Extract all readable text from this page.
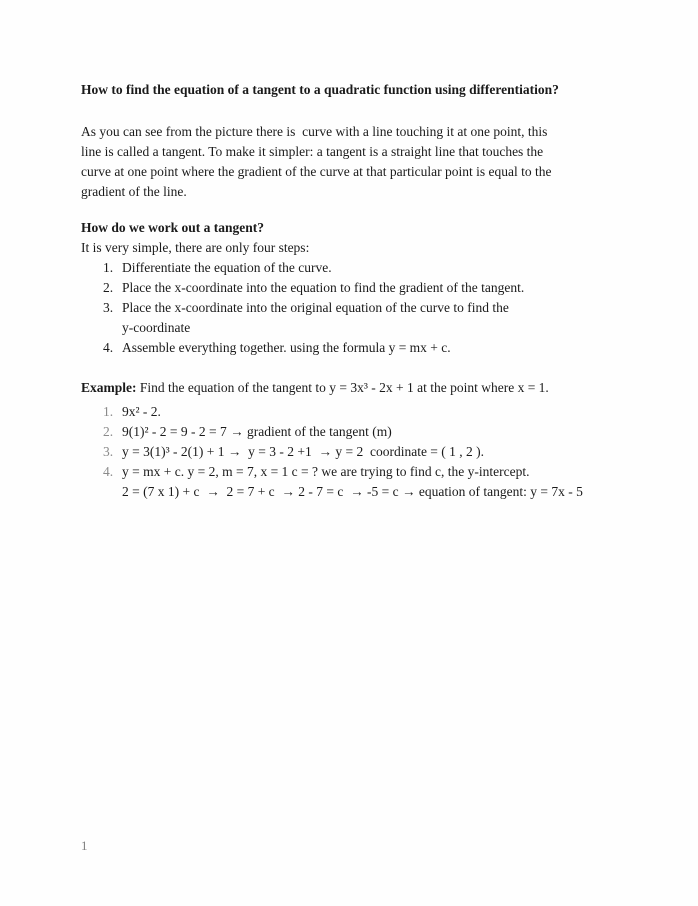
How to find the equation of a tangent to a quadratic function using differentiation?
As you can see from the picture there is  curve with a line touching it at one point, this
line is called a tangent. To make it simpler: a tangent is a straight line that touches the
curve at one point where the gradient of the curve at that particular point is equal to the
gradient of the line.
How do we work out a tangent?
It is very simple, there are only four steps:
1. Differentiate the equation of the curve.
2. Place the x-coordinate into the equation to find the gradient of the tangent.
3. Place the x-coordinate into the original equation of the curve to find the
y-coordinate
4. Assemble everything together. using the formula y = mx + c.
Example: Find the equation of the tangent to y = 3x³ - 2x + 1 at the point where x = 1.
1. 9x² - 2.
2. 9(1)² - 2 = 9 - 2 = 7 → gradient of the tangent (m)
3. y = 3(1)³ - 2(1) + 1 →  y = 3 - 2 +1  → y = 2  coordinate = ( 1 , 2 ).
4. y = mx + c. y = 2, m = 7, x = 1 c = ? we are trying to find c, the y-intercept.
2 = (7 x 1) + c  →  2 = 7 + c  → 2 - 7 = c  → -5 = c → equation of tangent: y = 7x - 5
1
